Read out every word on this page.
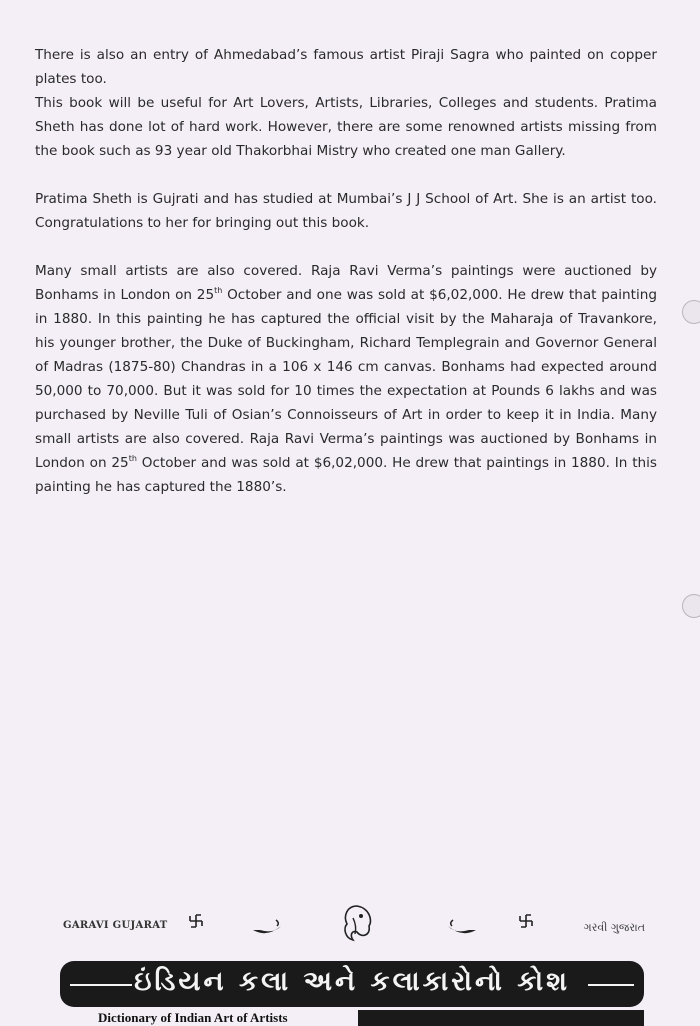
There is also an entry of Ahmedabad’s famous artist Piraji Sagra who painted on copper plates too.

This book will be useful for Art Lovers, Artists, Libraries, Colleges and students. Pratima Sheth has done lot of hard work. However, there are some renowned artists missing from the book such as 93 year old Thakorbhai Mistry who created one man Gallery.

Pratima Sheth is Gujrati and has studied at Mumbai’s J J School of Art. She is an artist too. Congratulations to her for bringing out this book.

Many small artists are also covered. Raja Ravi Verma’s paintings were auctioned by Bonhams in London on 25th October and one was sold at $6,02,000. He drew that painting in 1880. In this painting he has captured the official visit by the Maharaja of Travankore, his younger brother, the Duke of Buckingham, Richard Templegrain and Governor General of Madras (1875-80) Chandras in a 106 x 146 cm canvas. Bonhams had expected around 50,000 to 70,000. But it was sold for 10 times the expectation at Pounds 6 lakhs and was purchased by Neville Tuli of Osian’s Connoisseurs of Art in order to keep it in India. Many small artists are also covered. Raja Ravi Verma’s paintings was auctioned by Bonhams in London on 25th October and was sold at $6,02,000. He drew that paintings in 1880. In this painting he has captured the 1880’s.

GARAVI GUJARAT	ગરવી ગુજરાત
ઇંડિયન કલા અને કલાકારોનો કોશ
Dictionary of Indian Art of Artists
